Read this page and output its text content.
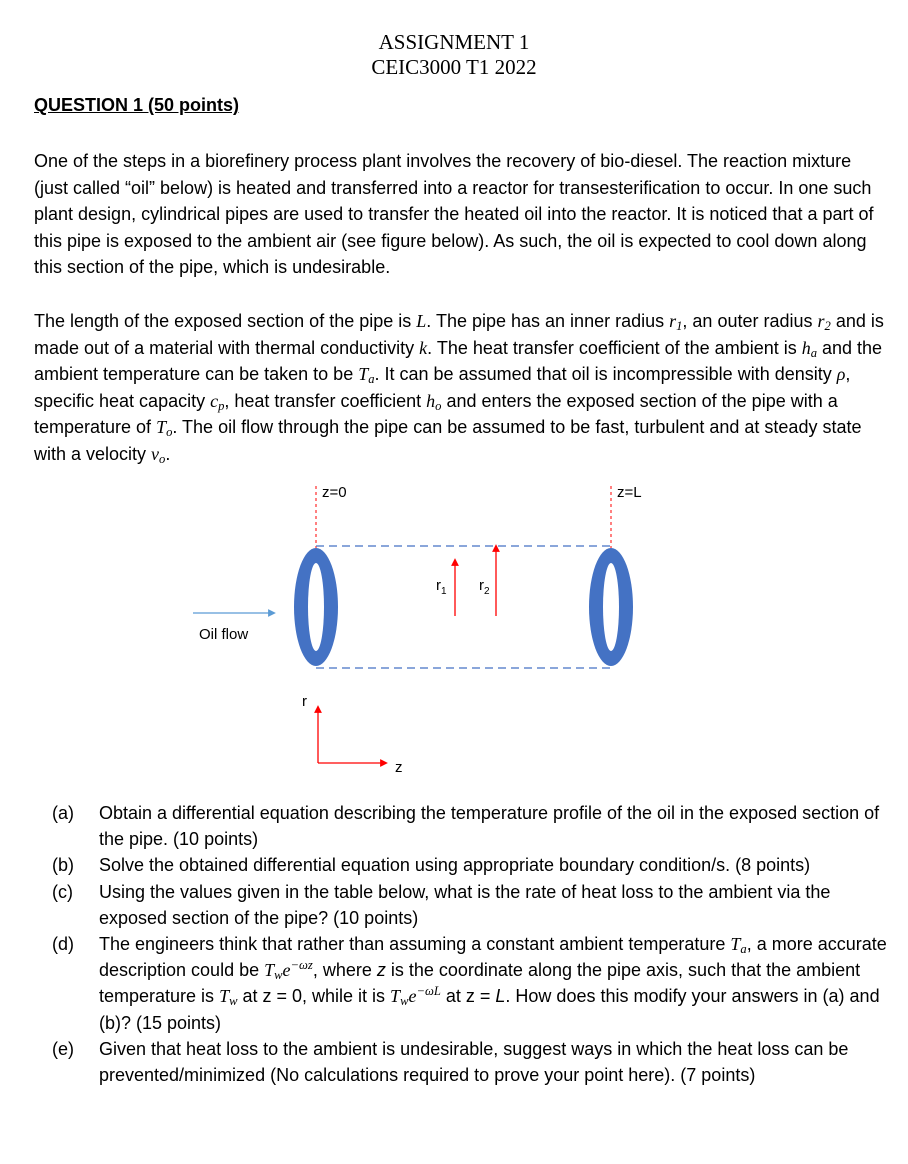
ASSIGNMENT 1
CEIC3000 T1 2022
QUESTION 1 (50 points)
One of the steps in a biorefinery process plant involves the recovery of bio-diesel. The reaction mixture (just called “oil” below) is heated and transferred into a reactor for transesterification to occur. In one such plant design, cylindrical pipes are used to transfer the heated oil into the reactor. It is noticed that a part of this pipe is exposed to the ambient air (see figure below). As such, the oil is expected to cool down along this section of the pipe, which is undesirable.
The length of the exposed section of the pipe is L. The pipe has an inner radius $r_1$, an outer radius $r_2$ and is made out of a material with thermal conductivity k. The heat transfer coefficient of the ambient is $h_a$ and the ambient temperature can be taken to be $T_a$. It can be assumed that oil is incompressible with density ρ, specific heat capacity $c_p$, heat transfer coefficient $h_o$ and enters the exposed section of the pipe with a temperature of $T_o$. The oil flow through the pipe can be assumed to be fast, turbulent and at steady state with a velocity $v_o$.
z=0	z=L
$r_1$ $r_2$
Oil flow
r
z
(a)	Obtain a differential equation describing the temperature profile of the oil in the exposed section of the pipe. (10 points)
(b)	Solve the obtained differential equation using appropriate boundary condition/s. (8 points)
(c)	Using the values given in the table below, what is the rate of heat loss to the ambient via the exposed section of the pipe? (10 points)
(d)	The engineers think that rather than assuming a constant ambient temperature $T_a$, a more accurate description could be $T_we^{-\omega z}$, where z is the coordinate along the pipe axis, such that the ambient temperature is $T_w$ at z = 0, while it is $T_we^{-\omega L}$ at z = L. How does this modify your answers in (a) and (b)? (15 points)
(e)	Given that heat loss to the ambient is undesirable, suggest ways in which the heat loss can be prevented/minimized (No calculations required to prove your point here). (7 points)
